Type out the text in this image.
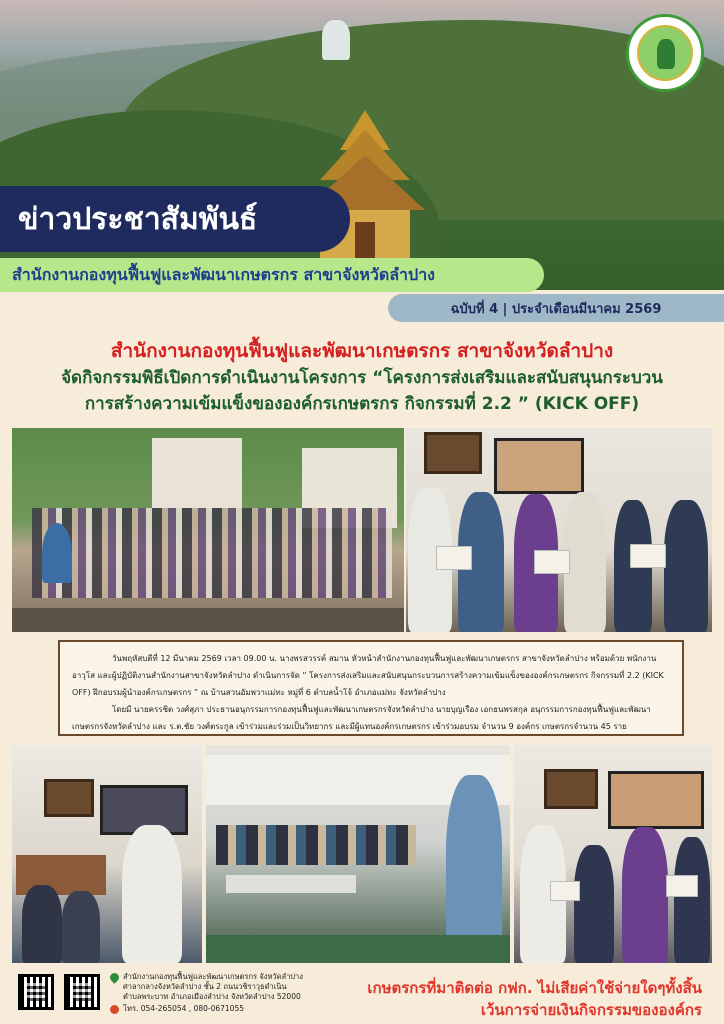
ข่าวประชาสัมพันธ์
สำนักงานกองทุนฟื้นฟูและพัฒนาเกษตรกร สาขาจังหวัดลำปาง
ฉบับที่ 4 | ประจำเดือนมีนาคม 2569
สำนักงานกองทุนฟื้นฟูและพัฒนาเกษตรกร สาขาจังหวัดลำปาง
จัดกิจกรรมพิธีเปิดการดำเนินงานโครงการ “โครงการส่งเสริมและสนับสนุนกระบวน
การสร้างความเข้มแข็งขององค์กรเกษตรกร กิจกรรมที่ 2.2 ” (KICK OFF)

วันพฤหัสบดีที่ 12 มีนาคม 2569 เวลา 09.00 น. นางพรสวรรค์ สมาน หัวหน้าสำนักงานกองทุนฟื้นฟูและพัฒนาเกษตรกร สาขาจังหวัดลำปาง พร้อมด้วย พนักงานอาวุโส และผู้ปฏิบัติงานสำนักงานสาขาจังหวัดลำปาง ดำเนินการจัด “ โครงการส่งเสริมและสนับสนุนกระบวนการสร้างความเข้มแข็งขององค์กรเกษตรกร กิจกรรมที่ 2.2 (KICK OFF) ฝึกอบรมผู้นำองค์กรเกษตรกร ” ณ บ้านสวนอัมพวาแม่ทะ หมู่ที่ 6 ตำบลน้ำโจ้ อำเภอแม่ทะ จังหวัดลำปาง

โดยมี นายครรชิต วงศ์สุภา ประธานอนุกรรมการกองทุนฟื้นฟูและพัฒนาเกษตรกรจังหวัดลำปาง นายบุญเรือง เอกธนพรสกุล อนุกรรมการกองทุนฟื้นฟูและพัฒนาเกษตรกรจังหวัดลำปาง และ ร.ต.ชัย วงศ์ตระกูล เข้าร่วมและร่วมเป็นวิทยากร และมีผู้แทนองค์กรเกษตรกร เข้าร่วมอบรม จำนวน 9 องค์กร เกษตรกรจำนวน 45 ราย

สำนักงานกองทุนฟื้นฟูและพัฒนาเกษตรกร จังหวัดลำปาง
ศาลากลางจังหวัดลำปาง ชั้น 2 ถนนวชิราวุธดำเนิน
ตำบลพระบาท อำเภอเมืองลำปาง จังหวัดลำปาง 52000
โทร. 054-265054 , 080-0671055
เกษตรกรที่มาติดต่อ กฟก. ไม่เสียค่าใช้จ่ายใดๆทั้งสิ้น
เว้นการจ่ายเงินกิจกรรมขององค์กร
